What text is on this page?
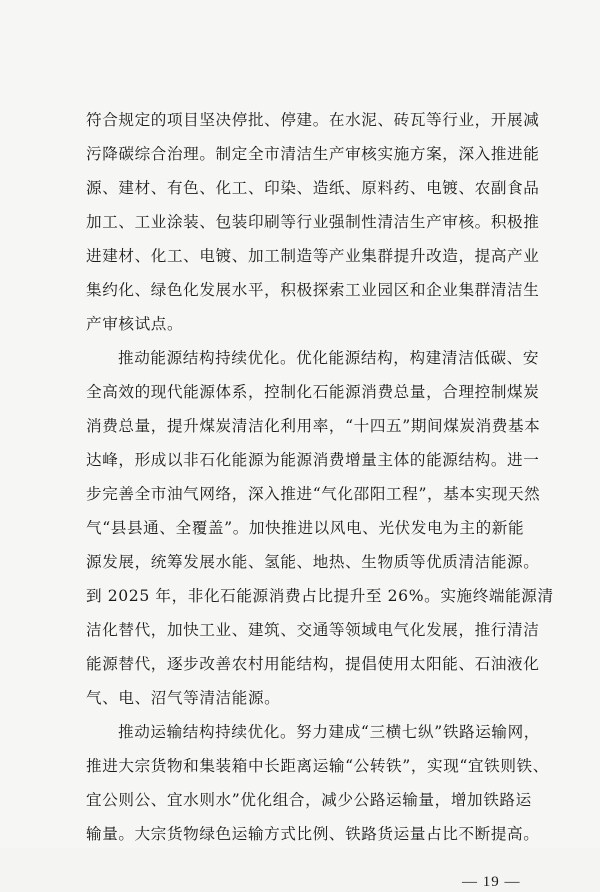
符合规定的项目坚决停批、停建。在水泥、砖瓦等行业，开展减
污降碳综合治理。制定全市清洁生产审核实施方案，深入推进能
源、建材、有色、化工、印染、造纸、原料药、电镀、农副食品
加工、工业涂装、包装印刷等行业强制性清洁生产审核。积极推
进建材、化工、电镀、加工制造等产业集群提升改造，提高产业
集约化、绿色化发展水平，积极探索工业园区和企业集群清洁生
产审核试点。
推动能源结构持续优化。优化能源结构，构建清洁低碳、安
全高效的现代能源体系，控制化石能源消费总量，合理控制煤炭
消费总量，提升煤炭清洁化利用率，“十四五”期间煤炭消费基本
达峰，形成以非石化能源为能源消费增量主体的能源结构。进一
步完善全市油气网络，深入推进“气化邵阳工程”，基本实现天然
气“县县通、全覆盖”。加快推进以风电、光伏发电为主的新能
源发展，统筹发展水能、氢能、地热、生物质等优质清洁能源。
到 2025 年，非化石能源消费占比提升至 26%。实施终端能源清
洁化替代，加快工业、建筑、交通等领域电气化发展，推行清洁
能源替代，逐步改善农村用能结构，提倡使用太阳能、石油液化
气、电、沼气等清洁能源。
推动运输结构持续优化。努力建成“三横七纵”铁路运输网，
推进大宗货物和集装箱中长距离运输“公转铁”，实现“宜铁则铁、
宜公则公、宜水则水”优化组合，减少公路运输量，增加铁路运
输量。大宗货物绿色运输方式比例、铁路货运量占比不断提高。
— 19 —
